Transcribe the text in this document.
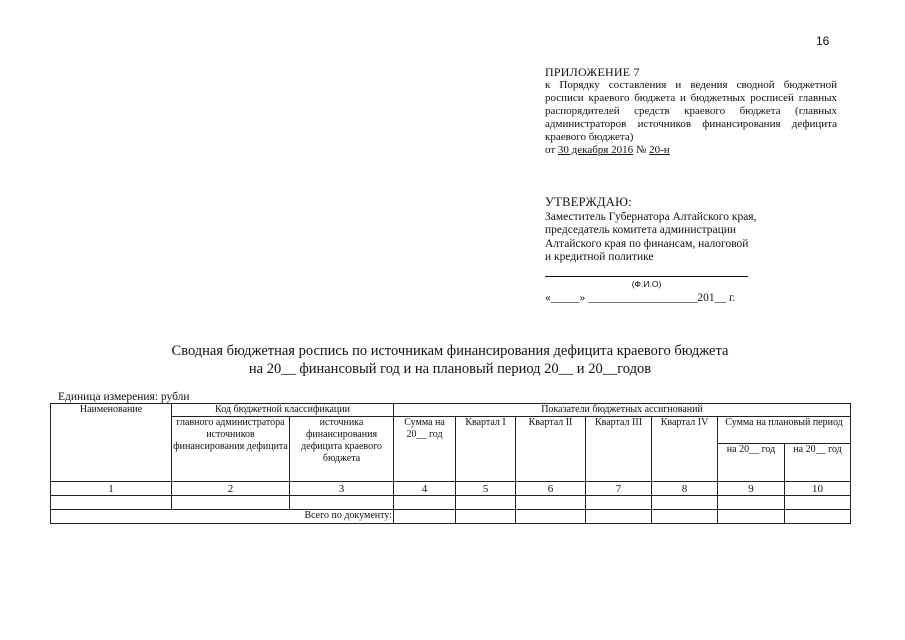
16
ПРИЛОЖЕНИЕ 7
к Порядку составления и ведения сводной бюджетной росписи краевого бюджета и бюджетных росписей главных распорядителей средств краевого бюджета (главных администраторов источников финансирования дефицита краевого бюджета)
от 30 декабря 2016 № 20-н
УТВЕРЖДАЮ:
Заместитель Губернатора Алтайского края,
председатель комитета администрации
Алтайского края по финансам, налоговой
и кредитной политике
(Ф.И.О)
«_____» ___________________201__ г.
Сводная бюджетная роспись по источникам финансирования дефицита краевого бюджета
на 20__ финансовый год и на плановый период 20__ и 20__годов
Единица измерения: рубли
Наименование	Код бюджетной классификации		Показатели бюджетных ассигнований						
	главного администратора источников финансирования дефицита	источника финансирования дефицита краевого бюджета	Сумма на 20__ год	Квартал I	Квартал II	Квартал III	Квартал IV	Сумма на плановый период	
								на 20__ год	на 20__ год
1	2	3	4	5	6	7	8	9	10

Всего по документу:									
